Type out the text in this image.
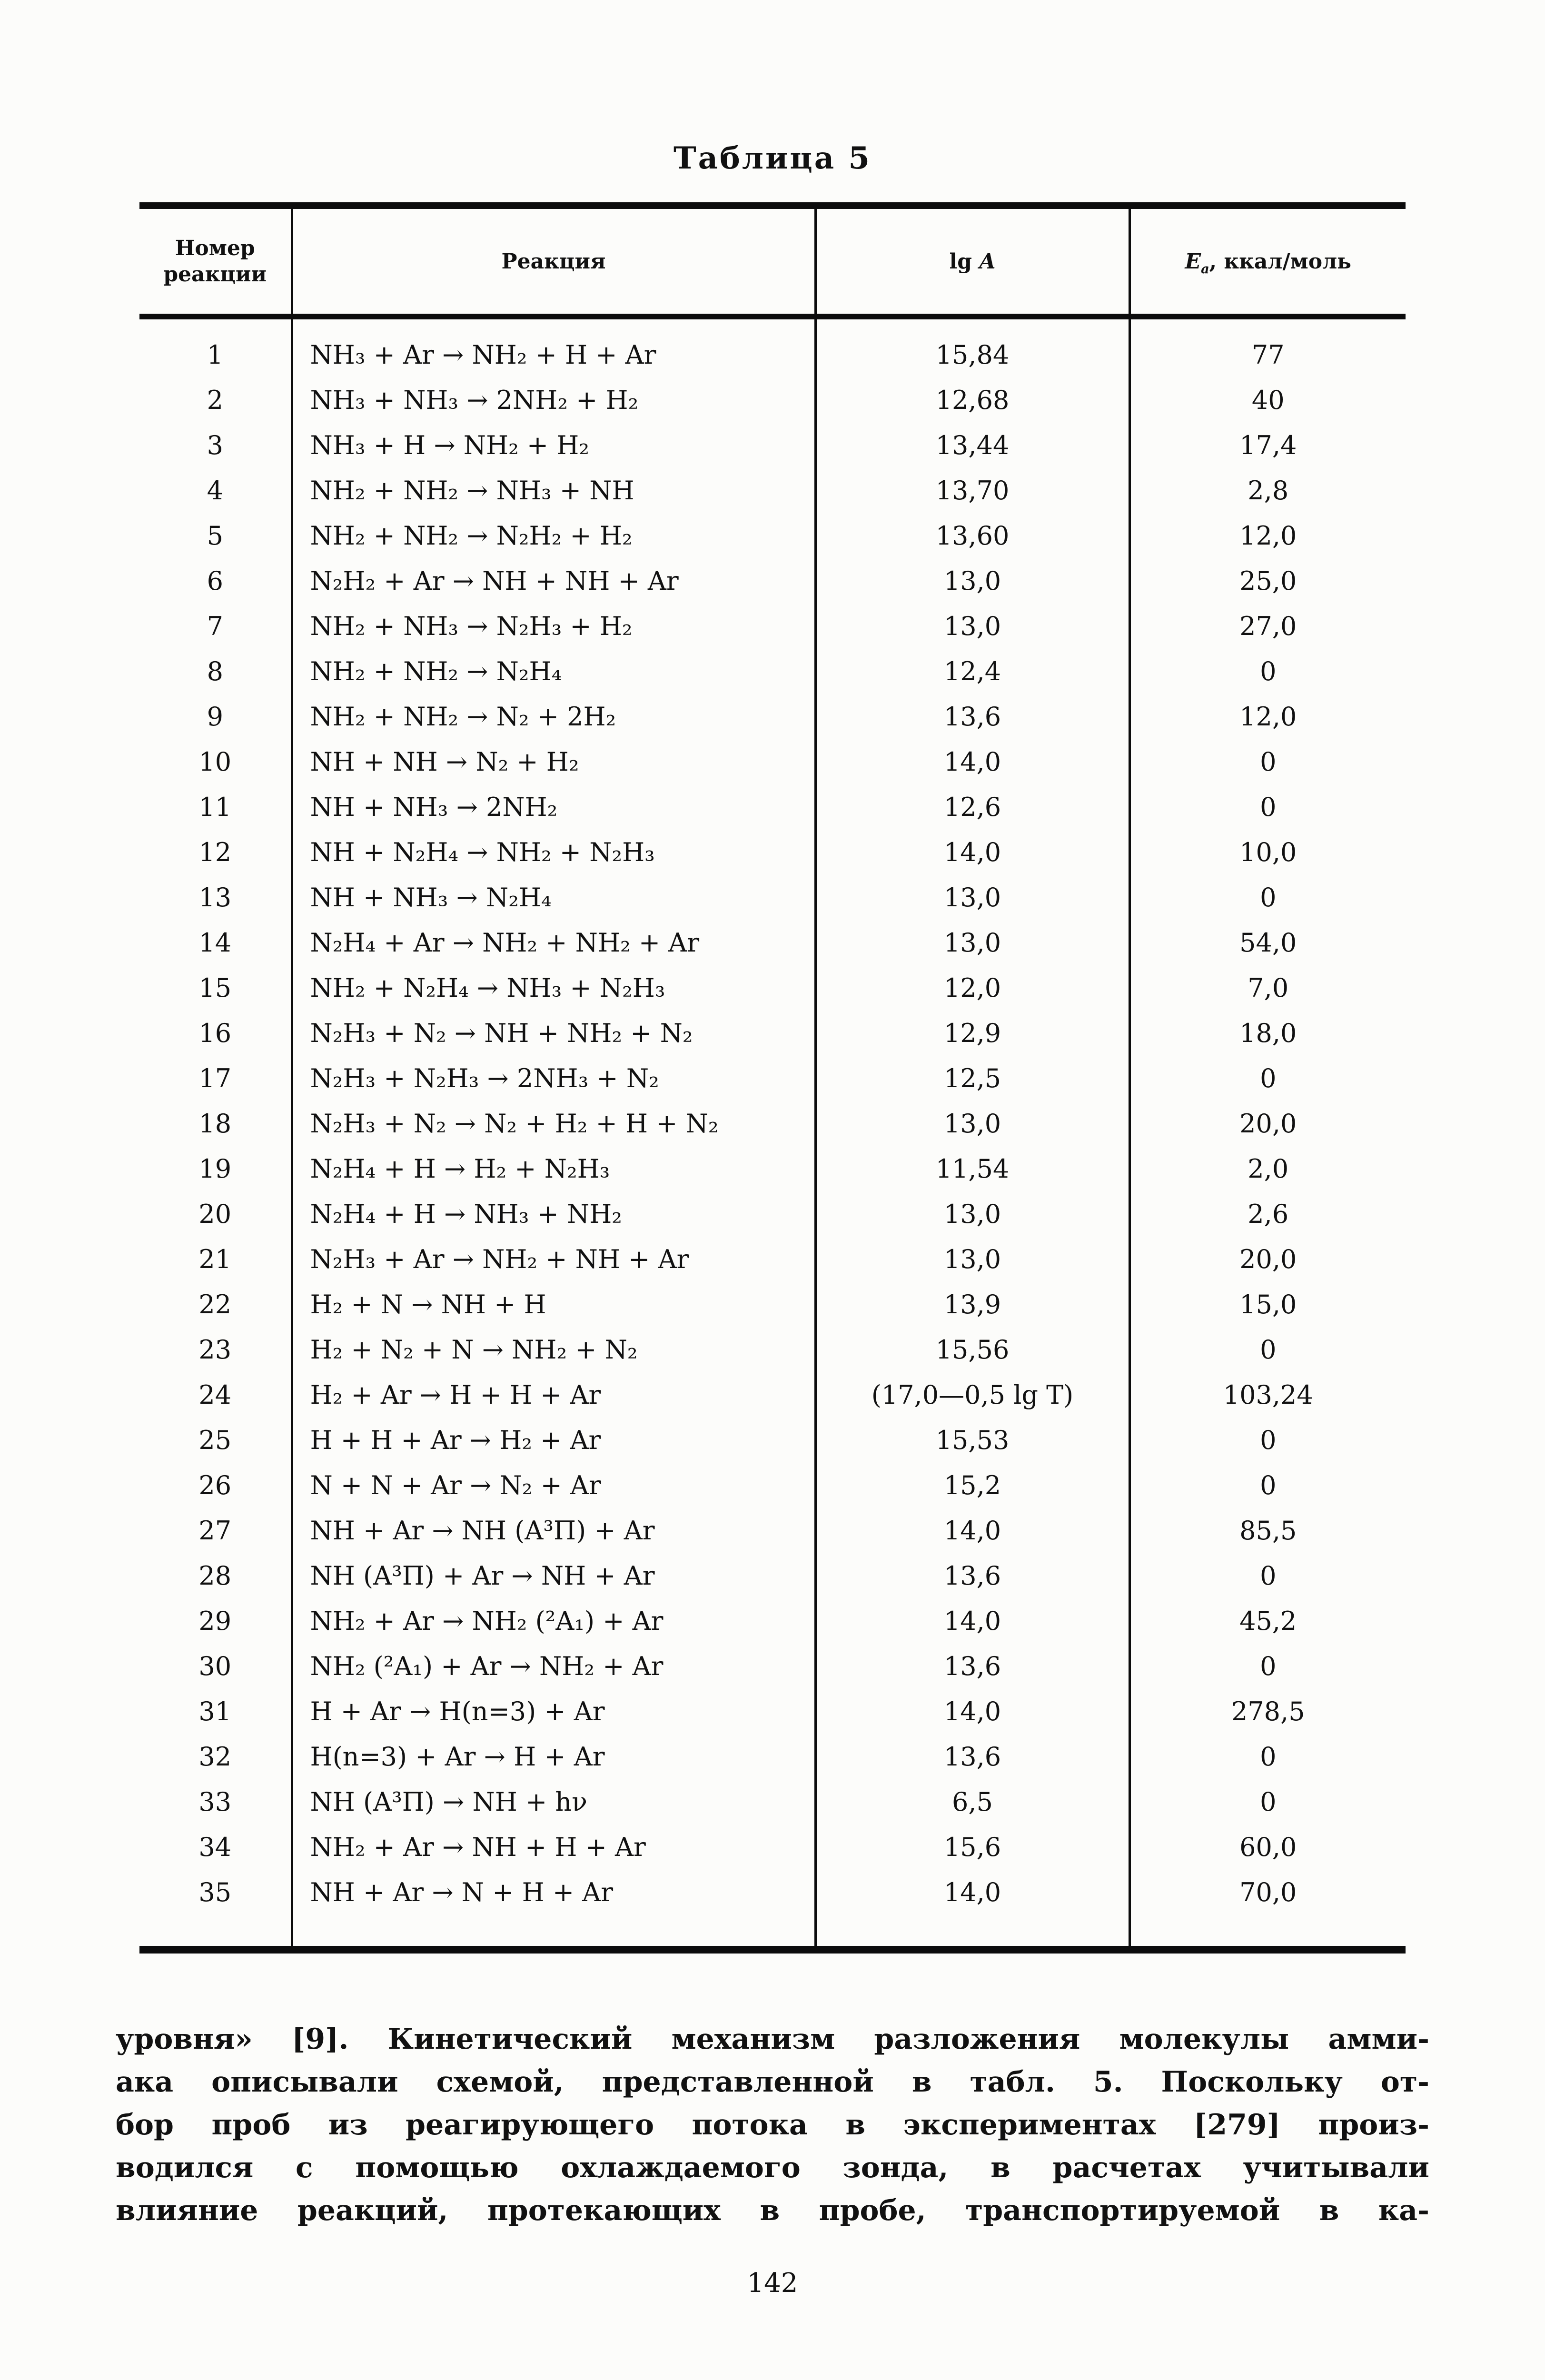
Таблица 5
Номер
реакции	Реакция	lg A	$E_a$, ккал/моль
1	NH₃ + Ar → NH₂ + H + Ar	15,84	77
2	NH₃ + NH₃ → 2NH₂ + H₂	12,68	40
3	NH₃ + H → NH₂ + H₂	13,44	17,4
4	NH₂ + NH₂ → NH₃ + NH	13,70	2,8
5	NH₂ + NH₂ → N₂H₂ + H₂	13,60	12,0
6	N₂H₂ + Ar → NH + NH + Ar	13,0	25,0
7	NH₂ + NH₃ → N₂H₃ + H₂	13,0	27,0
8	NH₂ + NH₂ → N₂H₄	12,4	0
9	NH₂ + NH₂ → N₂ + 2H₂	13,6	12,0
10	NH + NH → N₂ + H₂	14,0	0
11	NH + NH₃ → 2NH₂	12,6	0
12	NH + N₂H₄ → NH₂ + N₂H₃	14,0	10,0
13	NH + NH₃ → N₂H₄	13,0	0
14	N₂H₄ + Ar → NH₂ + NH₂ + Ar	13,0	54,0
15	NH₂ + N₂H₄ → NH₃ + N₂H₃	12,0	7,0
16	N₂H₃ + N₂ → NH + NH₂ + N₂	12,9	18,0
17	N₂H₃ + N₂H₃ → 2NH₃ + N₂	12,5	0
18	N₂H₃ + N₂ → N₂ + H₂ + H + N₂	13,0	20,0
19	N₂H₄ + H → H₂ + N₂H₃	11,54	2,0
20	N₂H₄ + H → NH₃ + NH₂	13,0	2,6
21	N₂H₃ + Ar → NH₂ + NH + Ar	13,0	20,0
22	H₂ + N → NH + H	13,9	15,0
23	H₂ + N₂ + N → NH₂ + N₂	15,56	0
24	H₂ + Ar → H + H + Ar	(17,0—0,5 lg T)	103,24
25	H + H + Ar → H₂ + Ar	15,53	0
26	N + N + Ar → N₂ + Ar	15,2	0
27	NH + Ar → NH (A³Π) + Ar	14,0	85,5
28	NH (A³Π) + Ar → NH + Ar	13,6	0
29	NH₂ + Ar → NH₂ (²A₁) + Ar	14,0	45,2
30	NH₂ (²A₁) + Ar → NH₂ + Ar	13,6	0
31	H + Ar → H(n=3) + Ar	14,0	278,5
32	H(n=3) + Ar → H + Ar	13,6	0
33	NH (A³Π) → NH + hν	6,5	0
34	NH₂ + Ar → NH + H + Ar	15,6	60,0
35	NH + Ar → N + H + Ar	14,0	70,0
уровня» [9]. Кинетический механизм разложения молекулы амми-
ака описывали схемой, представленной в табл. 5. Поскольку от-
бор проб из реагирующего потока в экспериментах [279] произ-
водился с помощью охлаждаемого зонда, в расчетах учитывали
влияние реакций, протекающих в пробе, транспортируемой в ка-
142
